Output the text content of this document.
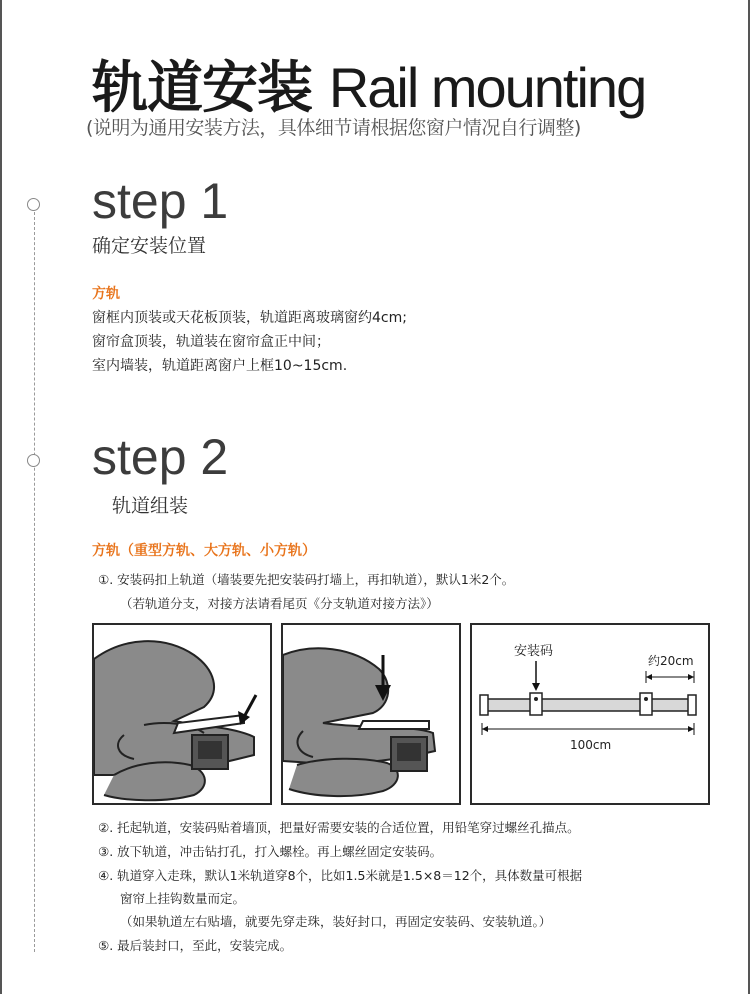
轨道安装 Rail mounting
(说明为通用安装方法，具体细节请根据您窗户情况自行调整)
step 1
确定安装位置
方轨
窗框内顶装或天花板顶装，轨道距离玻璃窗约4cm;
窗帘盒顶装，轨道装在窗帘盒正中间；
室内墙装，轨道距离窗户上框10~15cm.
step 2
轨道组装
方轨（重型方轨、大方轨、小方轨）
①. 安装码扣上轨道（墙装要先把安装码打墙上，再扣轨道），默认1米2个。
（若轨道分支，对接方法请看尾页《分支轨道对接方法》）
安装码
约20cm
100cm
②. 托起轨道，安装码贴着墙顶，把量好需要安装的合适位置，用铅笔穿过螺丝孔描点。
③. 放下轨道，冲击钻打孔，打入螺栓。再上螺丝固定安装码。
④. 轨道穿入走珠，默认1米轨道穿8个，比如1.5米就是1.5×8＝12个，具体数量可根据
窗帘上挂钩数量而定。
（如果轨道左右贴墙，就要先穿走珠，装好封口，再固定安装码、安装轨道。）
⑤. 最后装封口，至此，安装完成。
